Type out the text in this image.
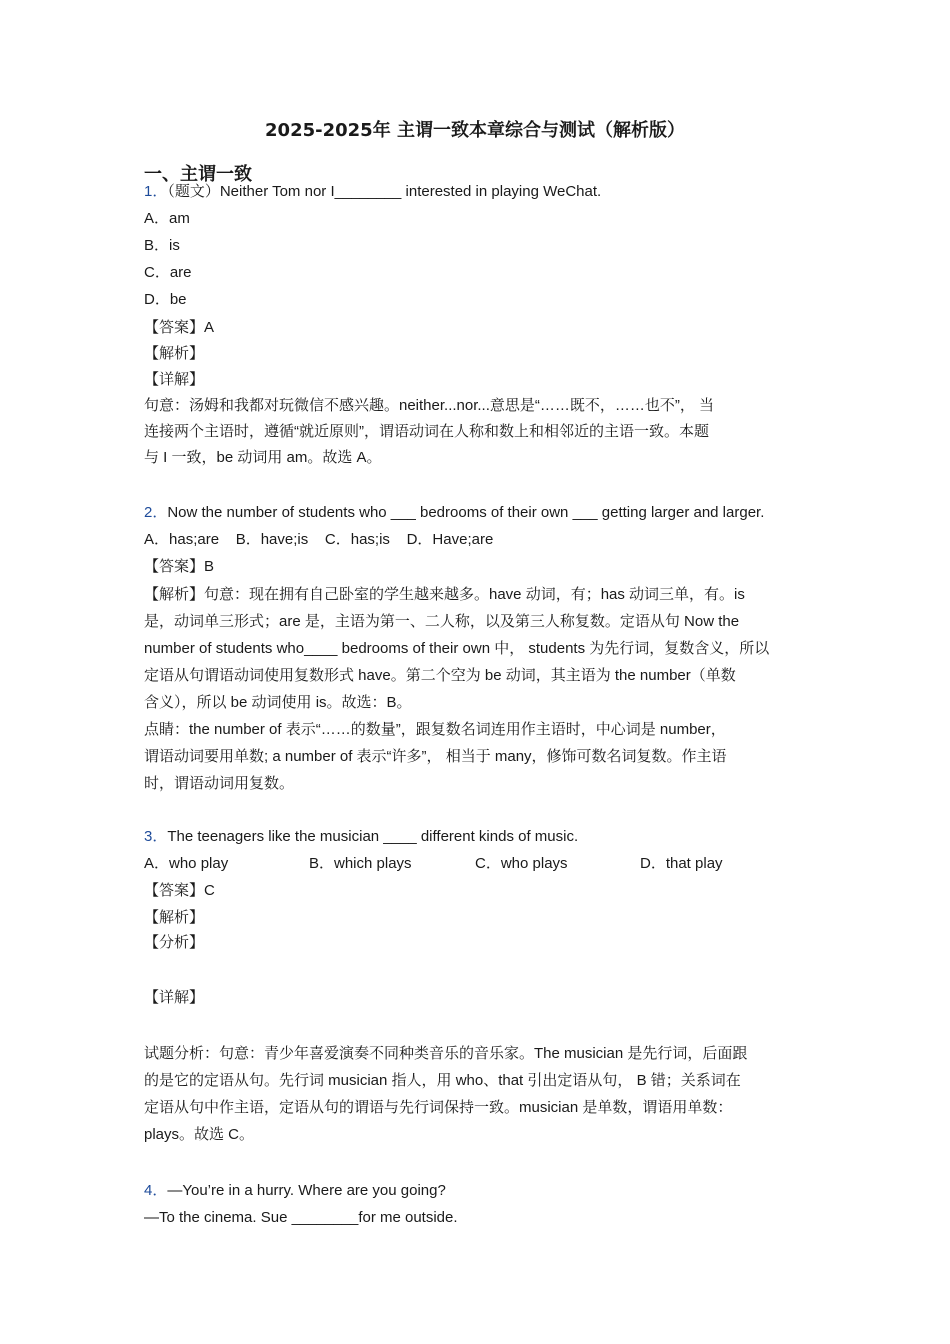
2025-2025年 主谓一致本章综合与测试（解析版）
一、主谓一致
1．（题文）Neither Tom nor I________ interested in playing WeChat.
A．am
B．is
C．are
D．be
【答案】A
【解析】
【详解】
句意：汤姆和我都对玩微信不感兴趣。neither...nor...意思是“……既不，……也不”， 当
连接两个主语时，遵循“就近原则”，谓语动词在人称和数上和相邻近的主语一致。本题
与 I 一致，be 动词用 am。故选 A。
2．Now the number of students who ___ bedrooms of their own ___ getting larger and larger.
A．has;are    B．have;is    C．has;is    D．Have;are
【答案】B
【解析】句意：现在拥有自己卧室的学生越来越多。have 动词，有；has 动词三单，有。is
是，动词单三形式；are 是，主语为第一、二人称，以及第三人称复数。定语从句 Now the
number of students who____ bedrooms of their own 中， students 为先行词，复数含义，所以
定语从句谓语动词使用复数形式 have。第二个空为 be 动词，其主语为 the number（单数
含义），所以 be 动词使用 is。故选：B。
点睛：the number of 表示“……的数量”，跟复数名词连用作主语时，中心词是 number，
谓语动词要用单数; a number of 表示“许多”， 相当于 many，修饰可数名词复数。作主语
时，谓语动词用复数。
3．The teenagers like the musician ____ different kinds of music.
A．who play	B．which plays	C．who plays	D．that play
【答案】C
【解析】
【分析】
【详解】
试题分析：句意：青少年喜爱演奏不同种类音乐的音乐家。The musician 是先行词，后面跟
的是它的定语从句。先行词 musician 指人，用 who、that 引出定语从句， B 错；关系词在
定语从句中作主语，定语从句的谓语与先行词保持一致。musician 是单数，谓语用单数：
plays。故选 C。
4．—You’re in a hurry. Where are you going?
—To the cinema. Sue ________for me outside.
